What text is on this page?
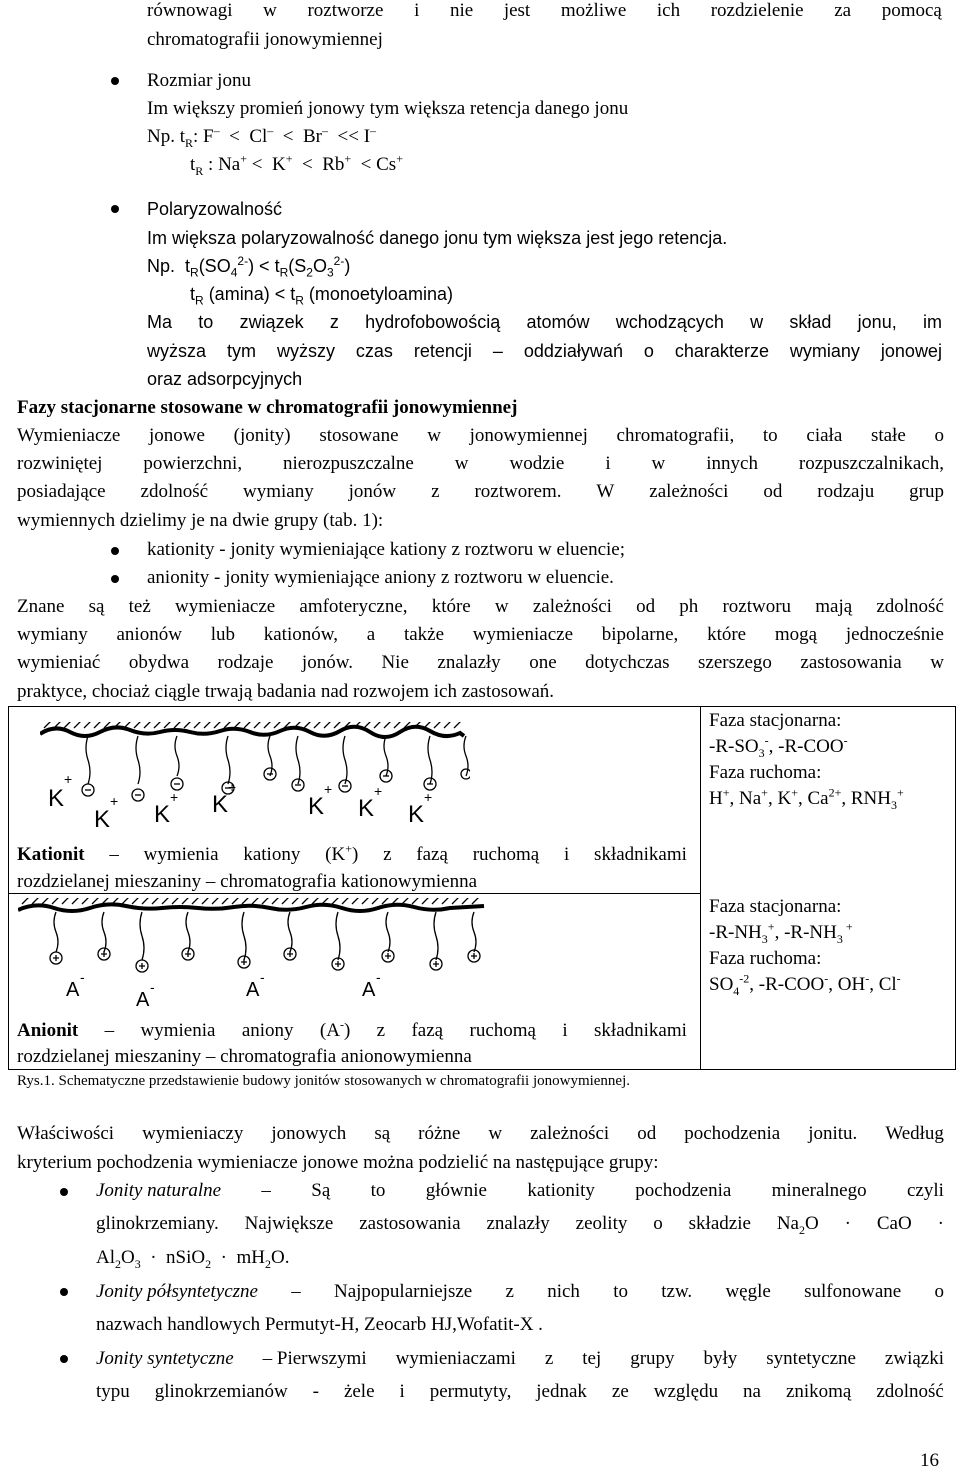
równowagi w roztworze i nie jest możliwe ich rozdzielenie za pomocą
chromatografii jonowymiennej
Rozmiar jonu
Im większy promień jonowy tym większa retencja danego jonu
Np. $t_R$: F–  <  Cl–  <  Br–  << I–
$t_R$ : Na+ <  K+  <  Rb+  < Cs+
Polaryzowalność
Im większa polaryzowalność danego jonu tym większa jest jego retencja.
Np.  $t_R(SO_4^{2-}) < t_R(S_2O_3^{2-})$
$t_R$ $(amina) < t_R$ (monoetyloamina)
Ma to związek z hydrofobowością atomów wchodzących w skład jonu, im
wyższa tym wyższy czas retencji – oddziaływań o charakterze wymiany jonowej
oraz adsorpcyjnych
Fazy stacjonarne stosowane w chromatografii jonowymiennej
Wymieniacze jonowe (jonity) stosowane w jonowymiennej chromatografii, to ciała stałe o
rozwiniętej powierzchni, nierozpuszczalne w wodzie i w innych rozpuszczalnikach,
posiadające zdolność wymiany jonów z roztworem. W zależności od rodzaju grup
wymiennych dzielimy je na dwie grupy (tab. 1):
kationity - jonity wymieniające kationy z roztworu w eluencie;
anionity - jonity wymieniające aniony z roztworu w eluencie.
Znane są też wymieniacze amfoteryczne, które w zależności od ph roztworu mają zdolność
wymiany anionów lub kationów, a także wymieniacze bipolarne, które mogą jednocześnie
wymieniać obydwa rodzaje jonów. Nie znalazły one dotychczas szerszego zastosowania w
praktyce, chociaż ciągle trwają badania nad rozwojem ich zastosowań.
K
+
K
+ K
+ K
+
K
+
K
+
K
+
Faza stacjonarna:
$-R-SO_3^-$, -R-COO-
Faza ruchoma:
H+, Na+, K+, $Ca^{2+}$, $RNH_3^+$
Kationit – wymienia kationy (K+) z fazą ruchomą i składnikami
rozdzielanej mieszaniny – chromatografia kationowymienna
A
-
A
-	A
-
A
-
Faza stacjonarna:
$-R-NH_3^+$, $-R-NH_3$ +
Faza ruchoma:
$SO_4^{-2}$, -R-COO-, OH-, Cl-
Anionit – wymienia aniony (A-) z fazą ruchomą i składnikami
rozdzielanej mieszaniny – chromatografia anionowymienna
Rys.1. Schematyczne przedstawienie budowy jonitów stosowanych w chromatografii jonowymiennej.
Właściwości wymieniaczy jonowych są różne w zależności od pochodzenia jonitu. Według
kryterium pochodzenia wymieniacze jonowe można podzielić na następujące grupy:
Jonity naturalne – Są to głównie kationity pochodzenia mineralnego czyli
glinokrzemiany. Największe zastosowania znalazły zeolity o składzie $Na_2O$ · CaO ·
$Al_2O_3$  ·  nSiO$_2$  ·  $mH_2O$.
Jonity półsyntetyczne – Najpopularniejsze z nich to tzw. węgle sulfonowane o
nazwach handlowych Permutyt-H, Zeocarb HJ,Wofatit-X .
Jonity syntetyczne – Pierwszymi wymieniaczami z tej grupy były syntetyczne związki
typu glinokrzemianów - żele i permutyty, jednak ze względu na znikomą zdolność
16
